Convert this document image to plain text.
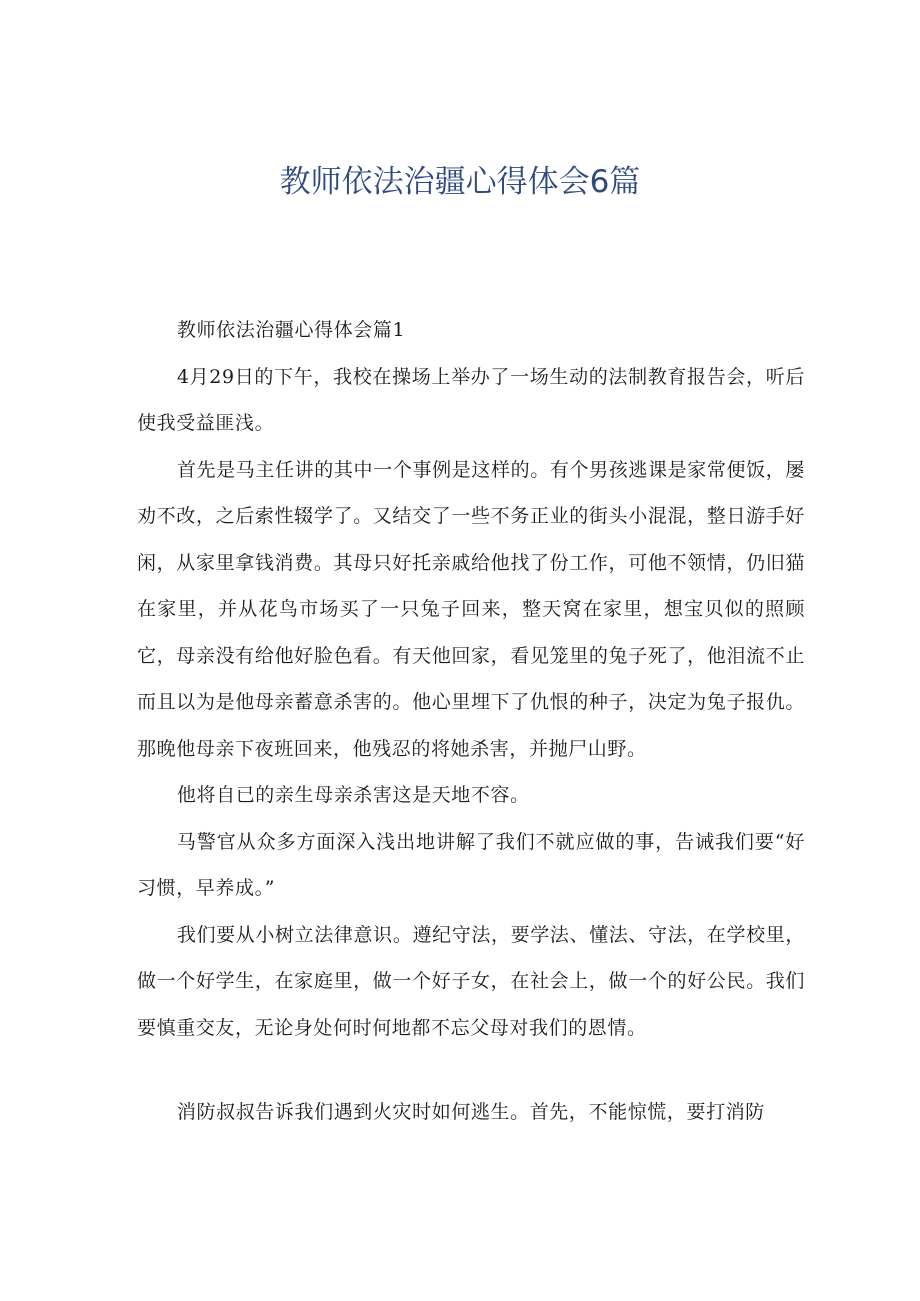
教师依法治疆心得体会6篇

教师依法治疆心得体会篇1

4月29日的下午，我校在操场上举办了一场生动的法制教育报告会，听后使我受益匪浅。

首先是马主任讲的其中一个事例是这样的。有个男孩逃课是家常便饭，屡劝不改，之后索性辍学了。又结交了一些不务正业的街头小混混，整日游手好闲，从家里拿钱消费。其母只好托亲戚给他找了份工作，可他不领情，仍旧猫在家里，并从花鸟市场买了一只兔子回来，整天窝在家里，想宝贝似的照顾它，母亲没有给他好脸色看。有天他回家，看见笼里的兔子死了，他泪流不止而且以为是他母亲蓄意杀害的。他心里埋下了仇恨的种子，决定为兔子报仇。那晚他母亲下夜班回来，他残忍的将她杀害，并抛尸山野。

他将自已的亲生母亲杀害这是天地不容。

马警官从众多方面深入浅出地讲解了我们不就应做的事，告诫我们要“好习惯，早养成。”

我们要从小树立法律意识。遵纪守法，要学法、懂法、守法，在学校里，做一个好学生，在家庭里，做一个好子女，在社会上，做一个的好公民。我们要慎重交友，无论身处何时何地都不忘父母对我们的恩情。

消防叔叔告诉我们遇到火灾时如何逃生。首先，不能惊慌，要打消防
